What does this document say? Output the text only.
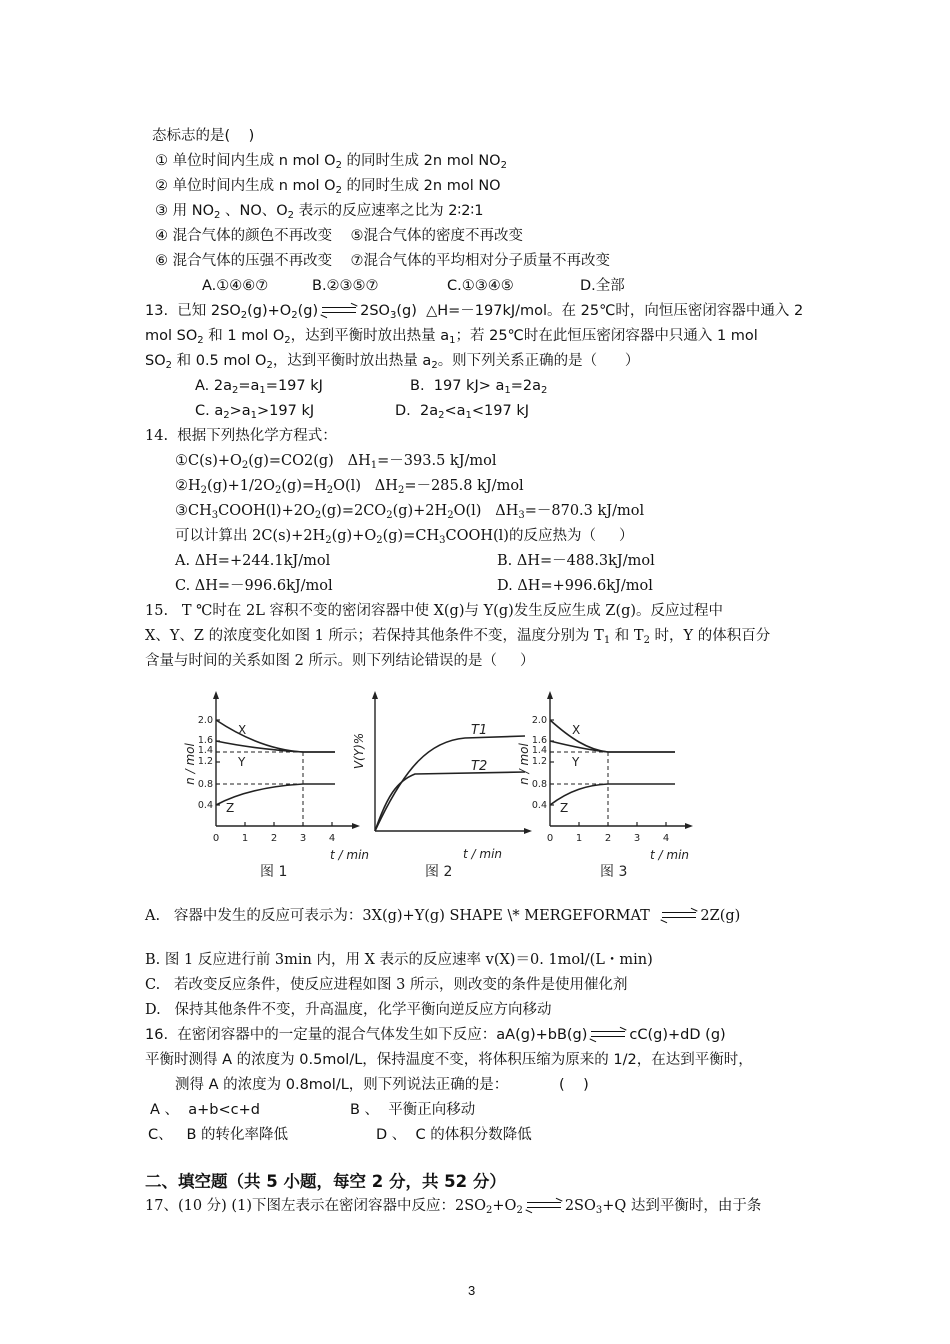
态标志的是(    )
① 单位时间内生成 n mol $O_2$ 的同时生成 2n mol $NO_2$
② 单位时间内生成 n mol $O_2$ 的同时生成 2n mol NO
③ 用 $NO_2$ 、NO、$O_2$ 表示的反应速率之比为 2∶2∶1
④ 混合气体的颜色不再改变    ⑤混合气体的密度不再改变
⑥ 混合气体的压强不再改变    ⑦混合气体的平均相对分子质量不再改变
A.①④⑥⑦	B.②③⑤⑦	C.①③④⑤	D.全部
13.  已知 $2SO_2(g)+O_2(g) \to 2SO_3(g)$  △H=－197kJ/mol。在 25℃时，向恒压密闭容器中通入 2
mol $SO_2$ 和 1 mol $O_2$，达到平衡时放出热量 $a_1$；若 25℃时在此恒压密闭容器中只通入 1 mol
$SO_2$ 和 0.5 mol $O_2$，达到平衡时放出热量 $a_2$。则下列关系正确的是（      ）
A. $2a_2=a_1=197$ kJ	B.  197 $kJ> a_1=2a_2$
C. $a_2>a_1>197$ kJ	D.  $2a_2<a_1<197$ kJ
14.  根据下列热化学方程式：
$①C(s)+O_2(g)=CO2(g)$   $\Delta H_1=-393.5$ kJ/mol
$②H_2(g)+1/2O_2(g)=H_2O(l)$   $\Delta H_2=-285.8$ kJ/mol
$③CH_3COOH(l)+2O_2(g)=2CO_2(g)+2H_2O(l)$   $\Delta H_3=-870.3$ kJ/mol
可以计算出 $2C(s)+2H_2(g)+O_2(g)=CH_3COOH(l)$的反应热为（     ）
A. ΔH=+244.1kJ/mol	B. ΔH=－488.3kJ/mol
C. ΔH=－996.6kJ/mol	D. ΔH=+996.6kJ/mol
15.   T ℃时在 2L 容积不变的密闭容器中使 X(g)与 Y(g)发生反应生成 Z(g)。反应过程中
X、Y、Z 的浓度变化如图 1 所示；若保持其他条件不变，温度分别为 $T_1$ 和 $T_2$ 时，Y 的体积百分
含量与时间的关系如图 2 所示。则下列结论错误的是（     ）
2.0
1.6
1.4
1.2
0.8
0.4
0 1 2 3 4
X
Y
Z
t / min
图 1
n / mol
T1
T2
t / min
图 2
V(Y)%
2.0
1.6
1.4
1.2
0.8
0.4
0 1 2 3 4
X
Y
Z
t / min
图 3
n / mol
A.   容器中发生的反应可表示为：3X(g)+Y(g) SHAPE \* MERGEFORMAT → 2Z(g)
B. 图 1 反应进行前 3min 内，用 X 表示的反应速率 v(X)＝0. 1mol/(L・min)
C.   若改变反应条件，使反应进程如图 3 所示，则改变的条件是使用催化剂
D.   保持其他条件不变，升高温度，化学平衡向逆反应方向移动
16.  在密闭容器中的一定量的混合气体发生如下反应：aA(g)+bB(g) → cC(g)+dD (g)
平衡时测得 A 的浓度为 0.5mol/L，保持温度不变，将体积压缩为原来的 1/2，在达到平衡时，
测得 A 的浓度为 0.8mol/L，则下列说法正确的是：           (    )
A 、  a+b<c+d	B 、  平衡正向移动
C、   B 的转化率降低	D 、  C 的体积分数降低
二、填空题（共 5 小题，每空 2 分，共 52 分）
17、(10 分) (1)下图左表示在密闭容器中反应：$2SO_2+O_2 \to 2SO_3+Q$ 达到平衡时，由于条
3
